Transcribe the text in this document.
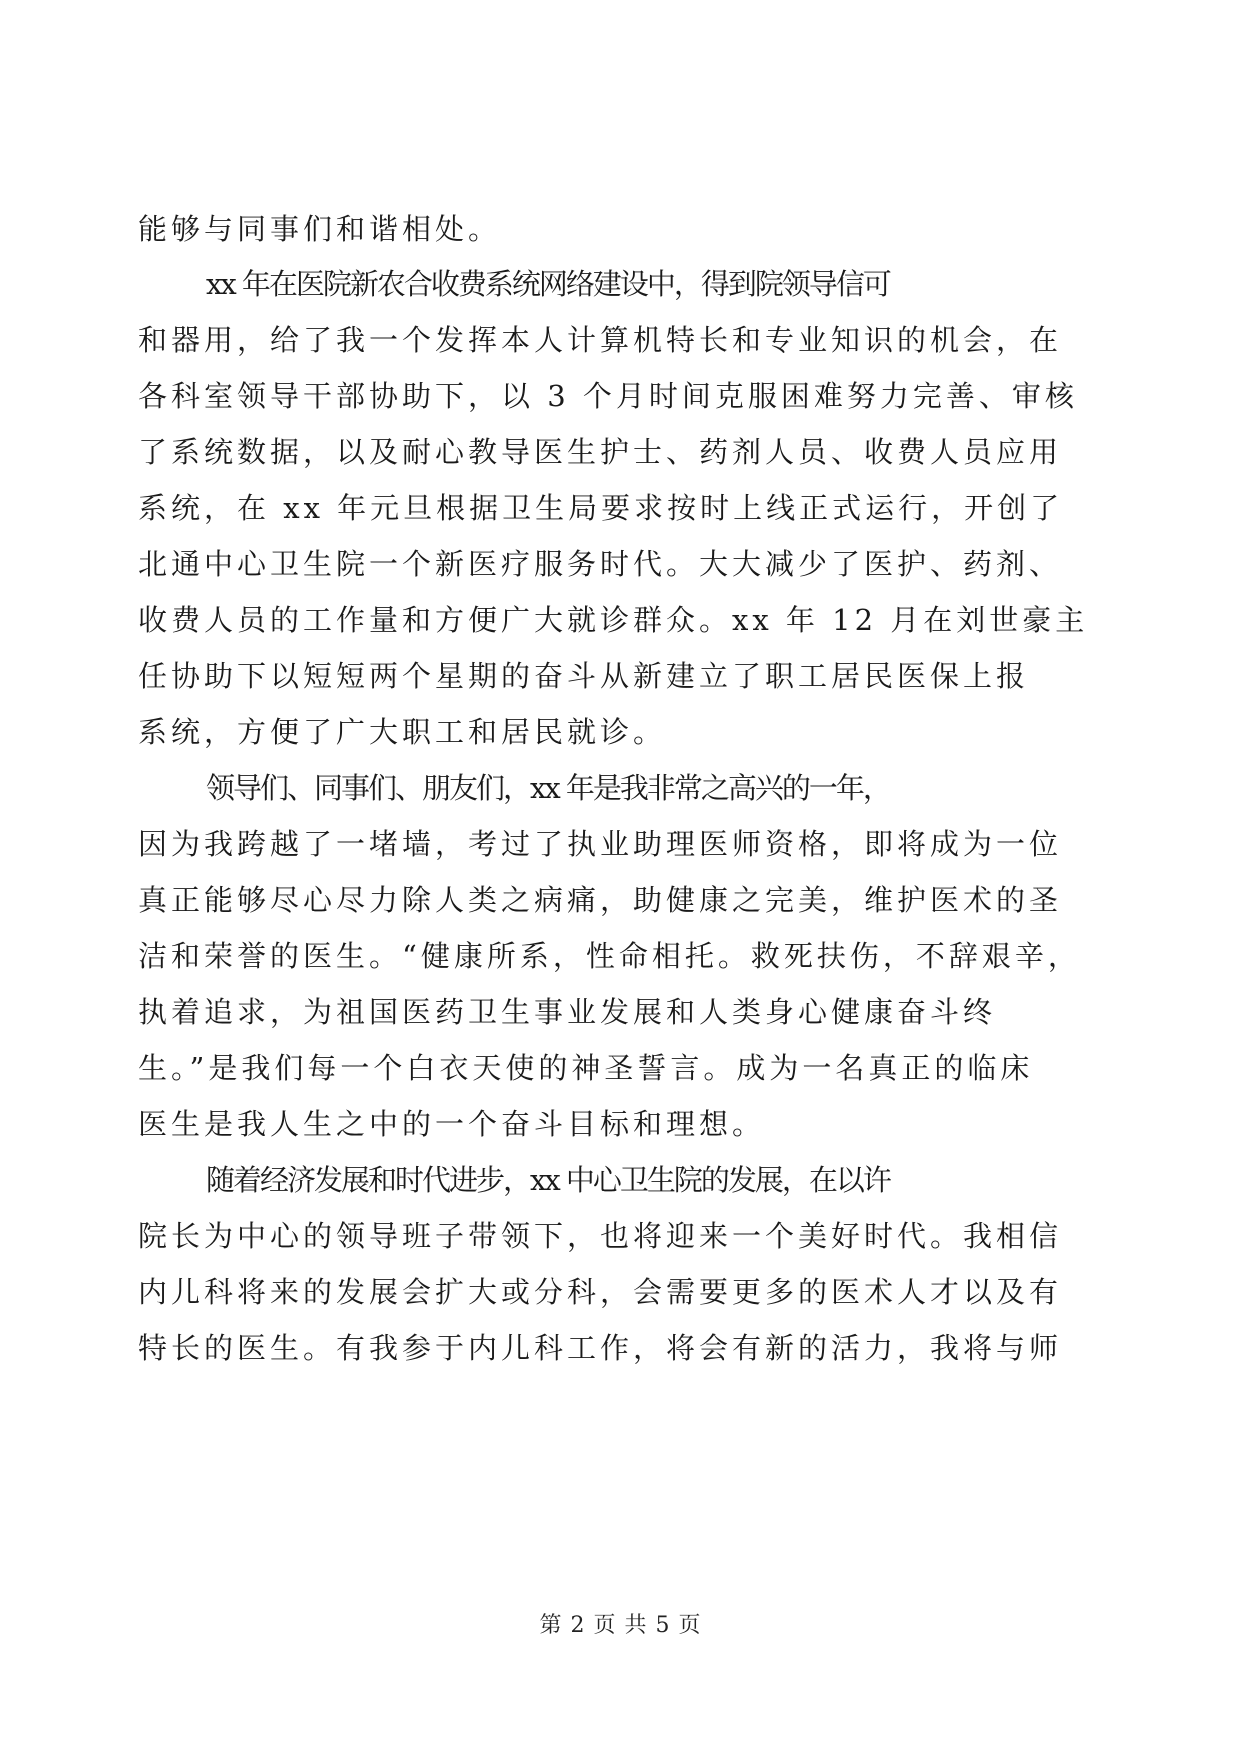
能够与同事们和谐相处。
xx 年在医院新农合收费系统网络建设中，得到院领导信可
和器用，给了我一个发挥本人计算机特长和专业知识的机会，在
各科室领导干部协助下，以 3 个月时间克服困难努力完善、审核
了系统数据，以及耐心教导医生护士、药剂人员、收费人员应用
系统，在 xx 年元旦根据卫生局要求按时上线正式运行，开创了
北通中心卫生院一个新医疗服务时代。大大减少了医护、药剂、
收费人员的工作量和方便广大就诊群众。xx 年 12 月在刘世豪主
任协助下以短短两个星期的奋斗从新建立了职工居民医保上报
系统，方便了广大职工和居民就诊。
领导们、同事们、朋友们，xx 年是我非常之高兴的一年，
因为我跨越了一堵墙，考过了执业助理医师资格，即将成为一位
真正能够尽心尽力除人类之病痛，助健康之完美，维护医术的圣
洁和荣誉的医生。“健康所系，性命相托。救死扶伤，不辞艰辛，
执着追求，为祖国医药卫生事业发展和人类身心健康奋斗终
生。”是我们每一个白衣天使的神圣誓言。成为一名真正的临床
医生是我人生之中的一个奋斗目标和理想。
随着经济发展和时代进步，xx 中心卫生院的发展，在以许
院长为中心的领导班子带领下，也将迎来一个美好时代。我相信
内儿科将来的发展会扩大或分科，会需要更多的医术人才以及有
特长的医生。有我参于内儿科工作，将会有新的活力，我将与师
第 2 页 共 5 页
